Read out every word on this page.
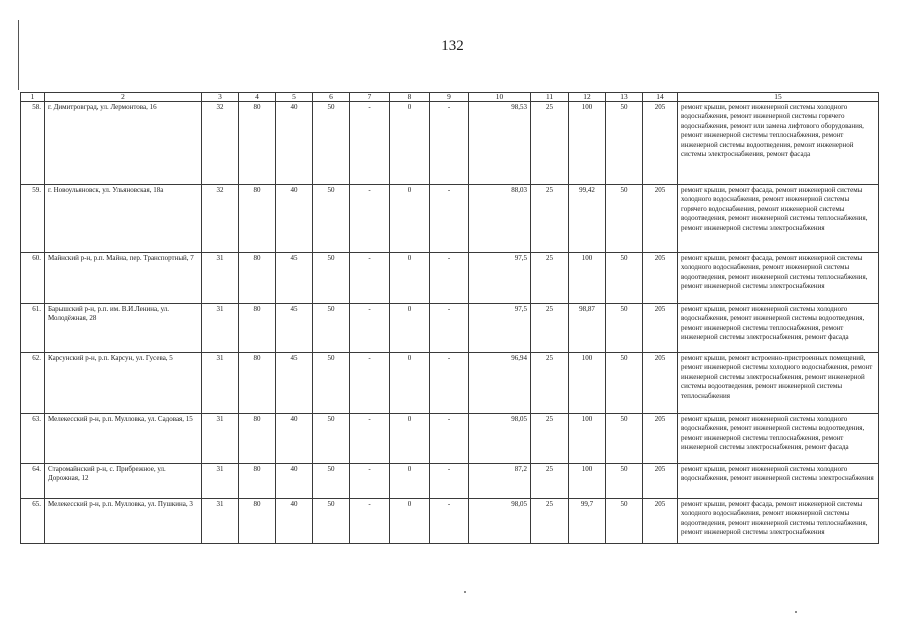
132
1	2	3	4	5	6	7	8	9	10	11	12	13	14	15
58.	г. Димитровград, ул. Лермонтова, 16	32	80	40	50	-	0	-	98,53	25	100	50	205	ремонт крыши, ремонт инженерной системы холодного водоснабжения, ремонт инженерной системы горячего водоснабжения, ремонт или замена лифтового оборудования, ремонт инженерной системы теплоснабжения, ремонт инженерной системы водоотведения, ремонт инженерной системы электроснабжения, ремонт фасада
59.	г. Новоульяновск, ул. Ульяновская, 18а	32	80	40	50	-	0	-	88,03	25	99,42	50	205	ремонт крыши, ремонт фасада, ремонт инженерной системы холодного водоснабжения, ремонт инженерной системы горячего водоснабжения, ремонт инженерной системы водоотведения, ремонт инженерной системы теплоснабжения, ремонт инженерной системы электроснабжения
60.	Майнский р-н, р.п. Майна, пер. Транспортный, 7	31	80	45	50	-	0	-	97,5	25	100	50	205	ремонт крыши, ремонт фасада, ремонт инженерной системы холодного водоснабжения, ремонт инженерной системы водоотведения, ремонт инженерной системы теплоснабжения, ремонт инженерной системы электроснабжения
61.	Барышский р-н, р.п. им. В.И.Ленина, ул. Молодёжная, 28	31	80	45	50	-	0	-	97,5	25	98,87	50	205	ремонт крыши, ремонт инженерной системы холодного водоснабжения, ремонт инженерной системы водоотведения, ремонт инженерной системы теплоснабжения, ремонт инженерной системы электроснабжения, ремонт фасада
62.	Карсунский р-н, р.п. Карсун, ул. Гусева, 5	31	80	45	50	-	0	-	96,94	25	100	50	205	ремонт крыши, ремонт встроенно-пристроенных помещений, ремонт инженерной системы холодного водоснабжения, ремонт инженерной системы электроснабжения, ремонт инженерной системы водоотведения, ремонт инженерной системы теплоснабжения
63.	Мелекесский р-н, р.п. Мулловка, ул. Садовая, 15	31	80	40	50	-	0	-	98,05	25	100	50	205	ремонт крыши, ремонт инженерной системы холодного водоснабжения, ремонт инженерной системы водоотведения, ремонт инженерной системы теплоснабжения, ремонт инженерной системы электроснабжения, ремонт фасада
64.	Старомайнский р-н, с. Прибрежное, ул. Дорожная, 12	31	80	40	50	-	0	-	87,2	25	100	50	205	ремонт крыши, ремонт инженерной системы холодного водоснабжения, ремонт инженерной системы электроснабжения
65.	Мелекесский р-н, р.п. Мулловка, ул. Пушкина, 3	31	80	40	50	-	0	-	98,05	25	99,7	50	205	ремонт крыши, ремонт фасада, ремонт инженерной системы холодного водоснабжения, ремонт инженерной системы водоотведения, ремонт инженерной системы теплоснабжения, ремонт инженерной системы электроснабжения
